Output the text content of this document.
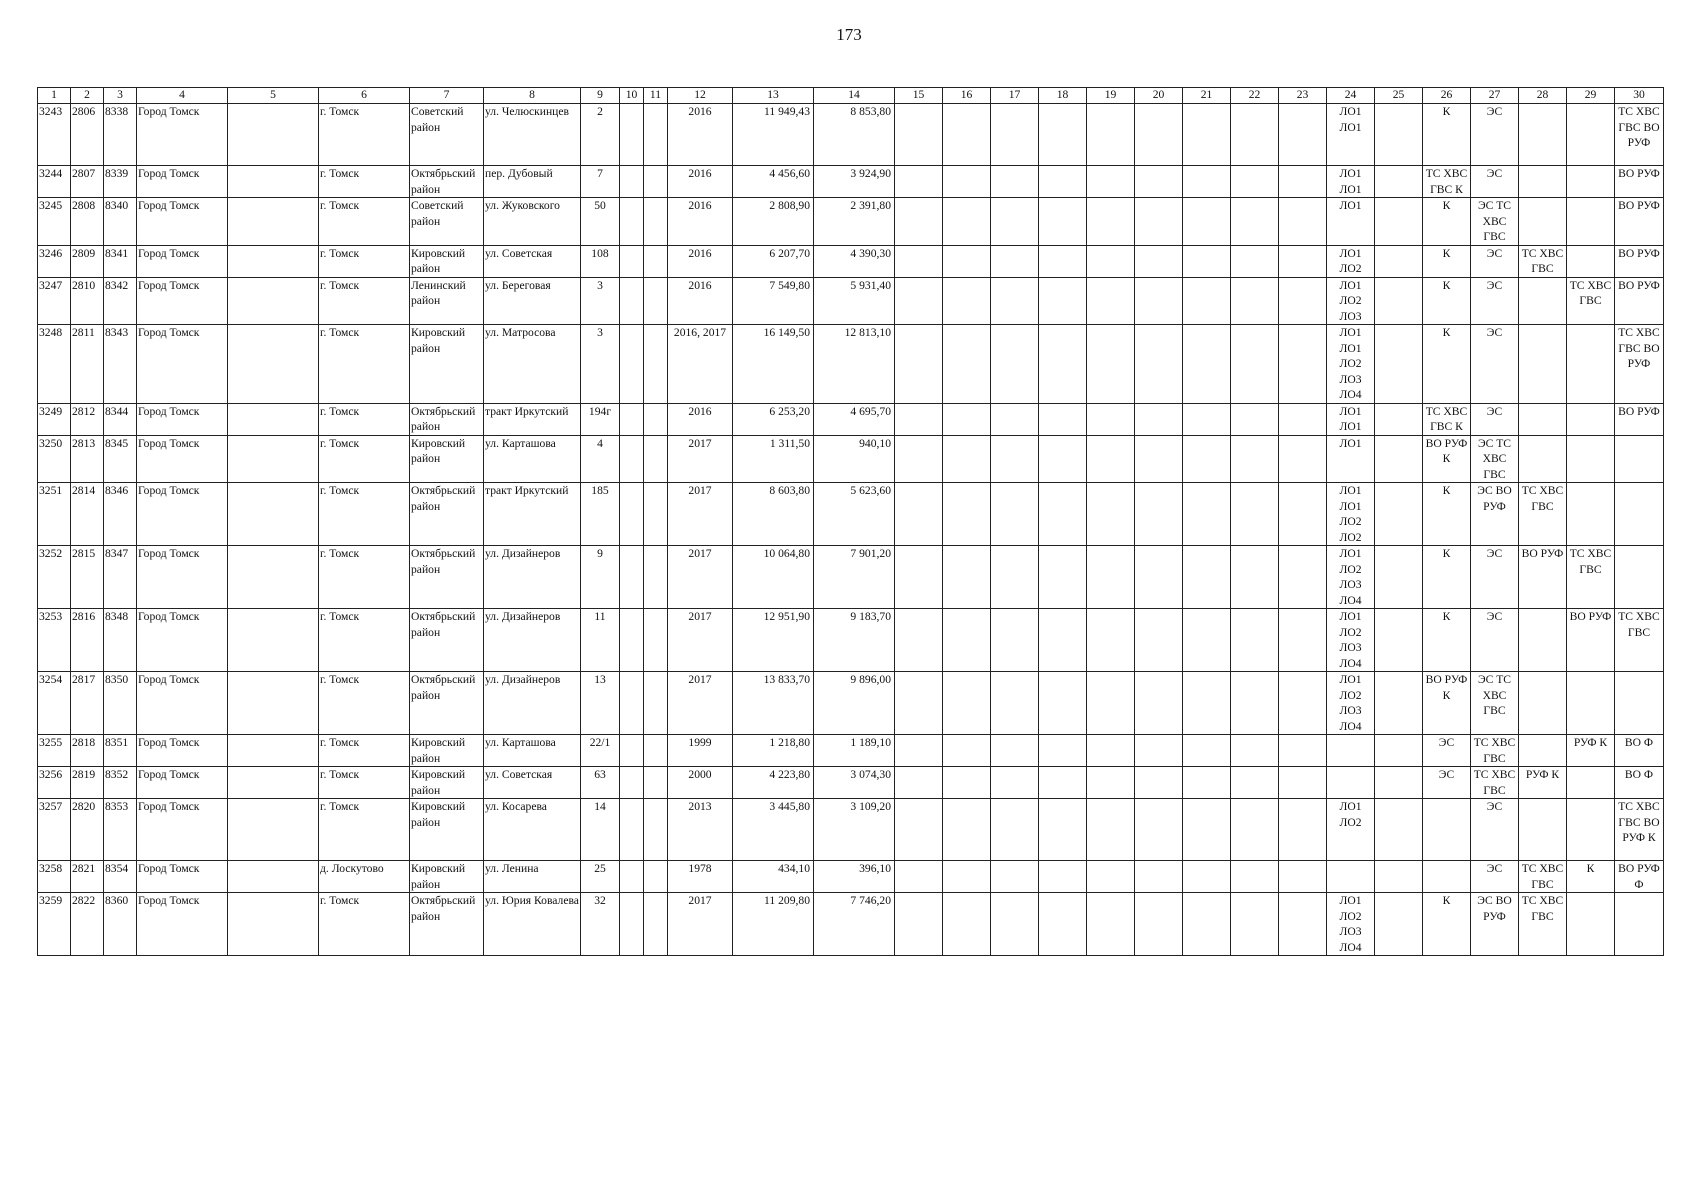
173
1	2	3	4	5	6	7	8	9	10	11	12	13	14	15	16	17	18	19	20	21	22	23	24	25	26	27	28	29	30
3243	2806	8338	Город Томск		г. Томск	Советский район	ул. Челюскинцев	2			2016	11 949,43	8 853,80										ЛО1 ЛО1		К	ЭС			ТС ХВС ГВС ВО РУФ
3244	2807	8339	Город Томск		г. Томск	Октябрьский район	пер. Дубовый	7			2016	4 456,60	3 924,90										ЛО1 ЛО1		ТС ХВС ГВС К	ЭС			ВО РУФ
3245	2808	8340	Город Томск		г. Томск	Советский район	ул. Жуковского	50			2016	2 808,90	2 391,80										ЛО1		К	ЭС ТС ХВС ГВС			ВО РУФ
3246	2809	8341	Город Томск		г. Томск	Кировский район	ул. Советская	108			2016	6 207,70	4 390,30										ЛО1 ЛО2		К	ЭС	ТС ХВС ГВС		ВО РУФ
3247	2810	8342	Город Томск		г. Томск	Ленинский район	ул. Береговая	3			2016	7 549,80	5 931,40										ЛО1 ЛО2 ЛО3		К	ЭС		ТС ХВС ГВС	ВО РУФ
3248	2811	8343	Город Томск		г. Томск	Кировский район	ул. Матросова	3			2016, 2017	16 149,50	12 813,10										ЛО1 ЛО1 ЛО2 ЛО3 ЛО4		К	ЭС			ТС ХВС ГВС ВО РУФ
3249	2812	8344	Город Томск		г. Томск	Октябрьский район	тракт Иркутский	194г			2016	6 253,20	4 695,70										ЛО1 ЛО1		ТС ХВС ГВС К	ЭС			ВО РУФ
3250	2813	8345	Город Томск		г. Томск	Кировский район	ул. Карташова	4			2017	1 311,50	940,10										ЛО1		ВО РУФ К	ЭС ТС ХВС ГВС			
3251	2814	8346	Город Томск		г. Томск	Октябрьский район	тракт Иркутский	185			2017	8 603,80	5 623,60										ЛО1 ЛО1 ЛО2 ЛО2		К	ЭС ВО РУФ	ТС ХВС ГВС		
3252	2815	8347	Город Томск		г. Томск	Октябрьский район	ул. Дизайнеров	9			2017	10 064,80	7 901,20										ЛО1 ЛО2 ЛО3 ЛО4		К	ЭС	ВО РУФ	ТС ХВС ГВС	
3253	2816	8348	Город Томск		г. Томск	Октябрьский район	ул. Дизайнеров	11			2017	12 951,90	9 183,70										ЛО1 ЛО2 ЛО3 ЛО4		К	ЭС		ВО РУФ	ТС ХВС ГВС
3254	2817	8350	Город Томск		г. Томск	Октябрьский район	ул. Дизайнеров	13			2017	13 833,70	9 896,00										ЛО1 ЛО2 ЛО3 ЛО4		ВО РУФ К	ЭС ТС ХВС ГВС			
3255	2818	8351	Город Томск		г. Томск	Кировский район	ул. Карташова	22/1			1999	1 218,80	1 189,10												ЭС	ТС ХВС ГВС		РУФ К	ВО Ф
3256	2819	8352	Город Томск		г. Томск	Кировский район	ул. Советская	63			2000	4 223,80	3 074,30												ЭС	ТС ХВС ГВС	РУФ К		ВО Ф
3257	2820	8353	Город Томск		г. Томск	Кировский район	ул. Косарева	14			2013	3 445,80	3 109,20										ЛО1 ЛО2			ЭС			ТС ХВС ГВС ВО РУФ К
3258	2821	8354	Город Томск		д. Лоскутово	Кировский район	ул. Ленина	25			1978	434,10	396,10													ЭС	ТС ХВС ГВС	К	ВО РУФ Ф
3259	2822	8360	Город Томск		г. Томск	Октябрьский район	ул. Юрия Ковалева	32			2017	11 209,80	7 746,20										ЛО1 ЛО2 ЛО3 ЛО4		К	ЭС ВО РУФ	ТС ХВС ГВС		
